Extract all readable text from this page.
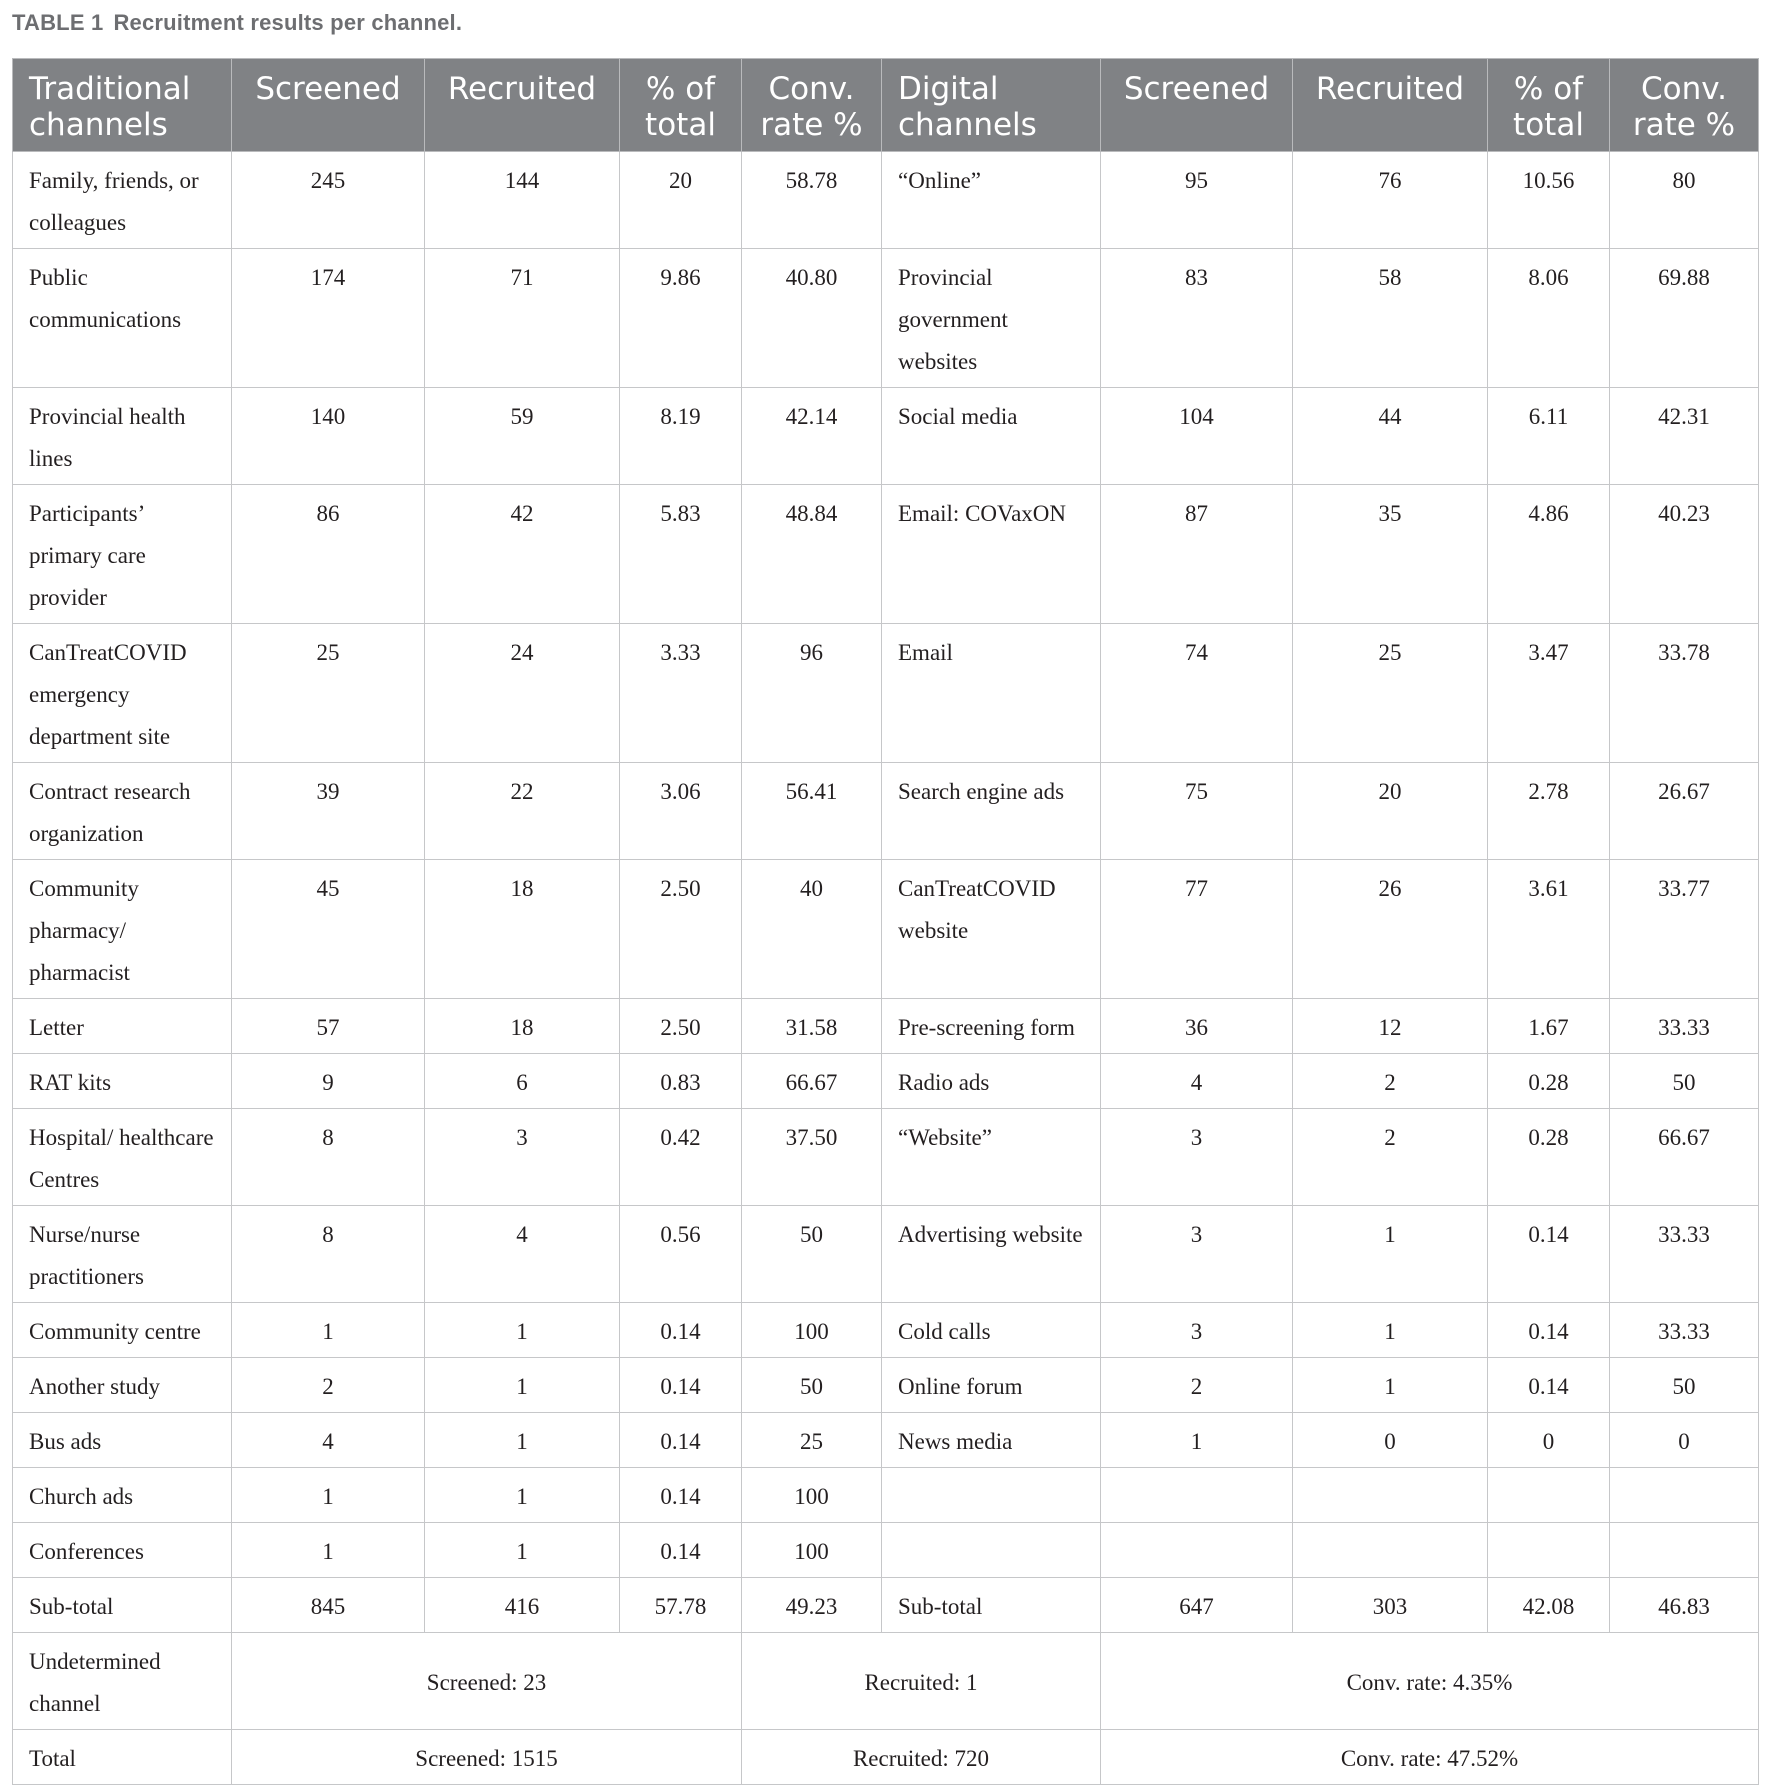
TABLE 1 Recruitment results per channel.
Traditional channels	Screened	Recruited	% of total	Conv. rate %	Digital channels	Screened	Recruited	% of total	Conv. rate %
Family, friends, or colleagues	245	144	20	58.78	“Online”	95	76	10.56	80
Public communications	174	71	9.86	40.80	Provincial government websites	83	58	8.06	69.88
Provincial health lines	140	59	8.19	42.14	Social media	104	44	6.11	42.31
Participants’ primary care provider	86	42	5.83	48.84	Email: COVaxON	87	35	4.86	40.23
CanTreatCOVID emergency department site	25	24	3.33	96	Email	74	25	3.47	33.78
Contract research organization	39	22	3.06	56.41	Search engine ads	75	20	2.78	26.67
Community pharmacy/ pharmacist	45	18	2.50	40	CanTreatCOVID website	77	26	3.61	33.77
Letter	57	18	2.50	31.58	Pre-screening form	36	12	1.67	33.33
RAT kits	9	6	0.83	66.67	Radio ads	4	2	0.28	50
Hospital/ healthcare Centres	8	3	0.42	37.50	“Website”	3	2	0.28	66.67
Nurse/nurse practitioners	8	4	0.56	50	Advertising website	3	1	0.14	33.33
Community centre	1	1	0.14	100	Cold calls	3	1	0.14	33.33
Another study	2	1	0.14	50	Online forum	2	1	0.14	50
Bus ads	4	1	0.14	25	News media	1	0	0	0
Church ads	1	1	0.14	100					
Conferences	1	1	0.14	100					
Sub-total	845	416	57.78	49.23	Sub-total	647	303	42.08	46.83
Undetermined channel	Screened: 23			Recruited: 1		Conv. rate: 4.35%			
Total	Screened: 1515			Recruited: 720		Conv. rate: 47.52%			
